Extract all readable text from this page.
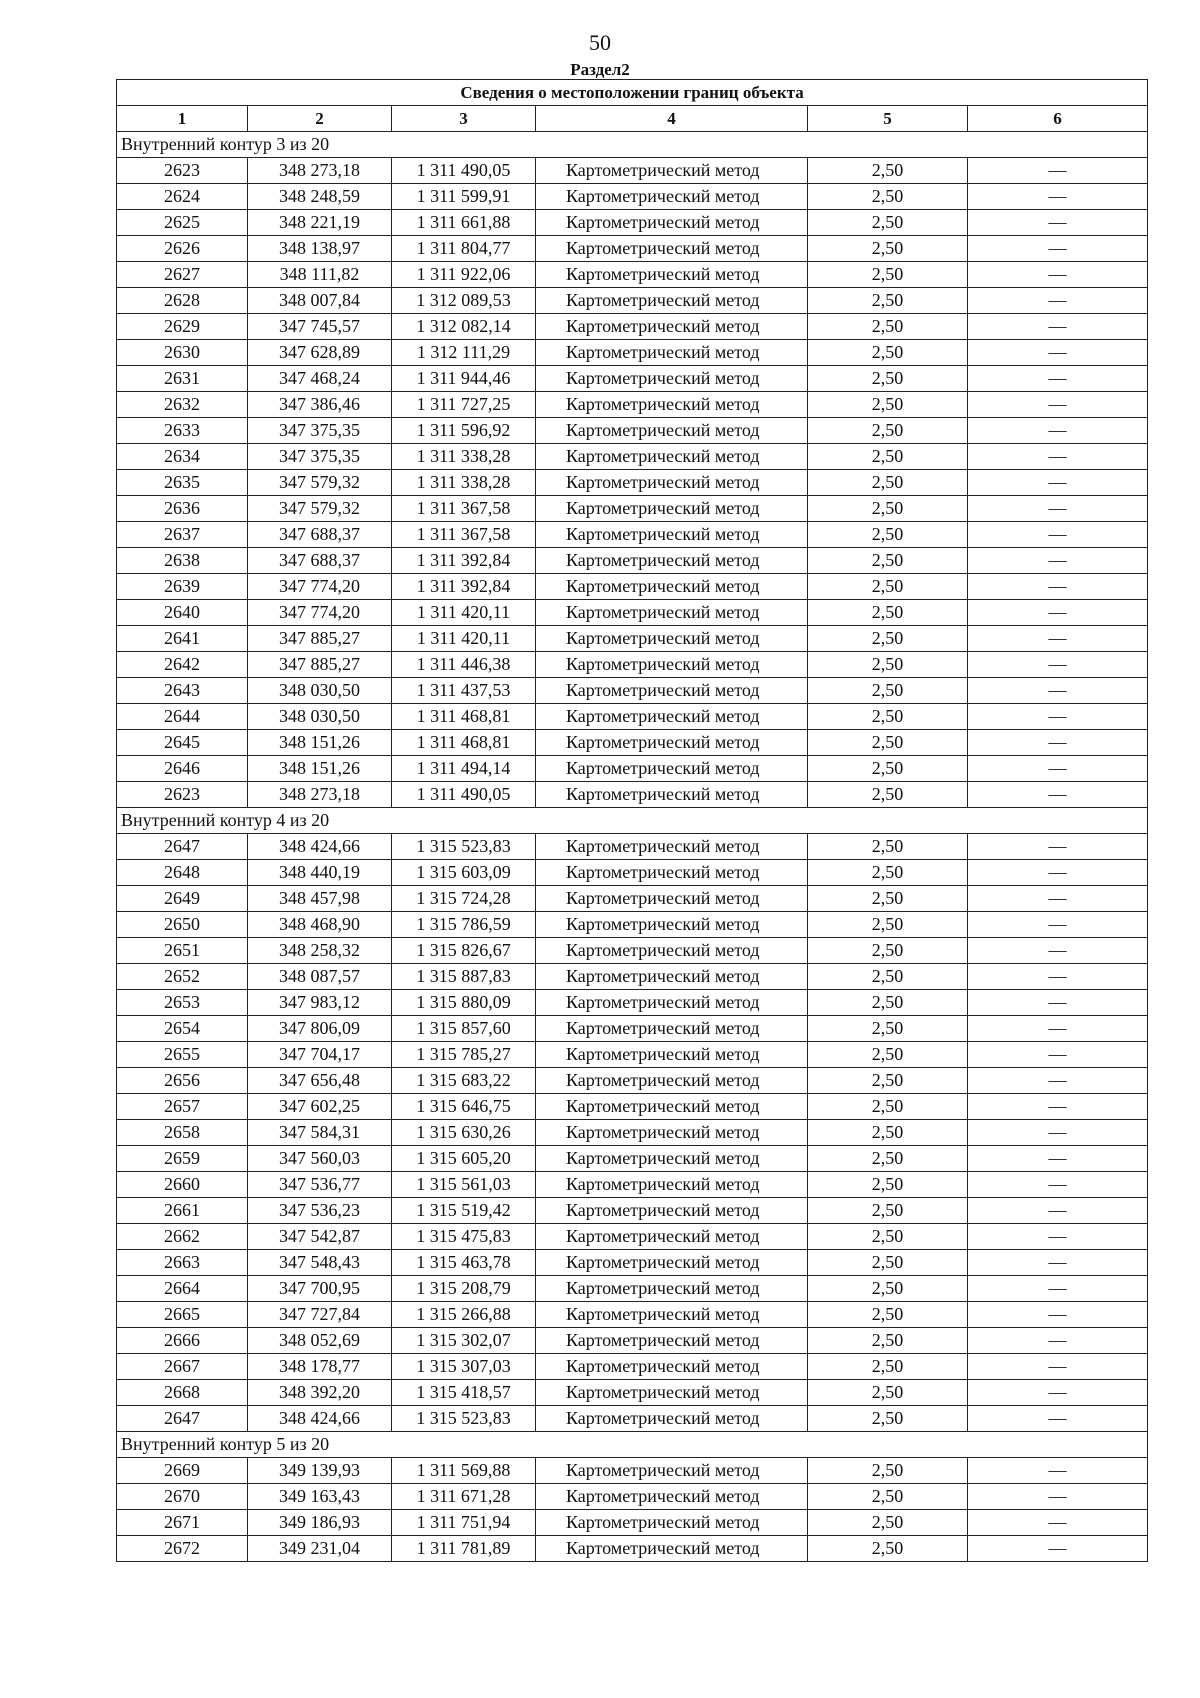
50
Раздел2
Сведения о местоположении границ объекта					
1	2	3	4	5	6
Внутренний контур 3 из 20					
2623	348 273,18	1 311 490,05	Картометрический метод	2,50	—
2624	348 248,59	1 311 599,91	Картометрический метод	2,50	—
2625	348 221,19	1 311 661,88	Картометрический метод	2,50	—
2626	348 138,97	1 311 804,77	Картометрический метод	2,50	—
2627	348 111,82	1 311 922,06	Картометрический метод	2,50	—
2628	348 007,84	1 312 089,53	Картометрический метод	2,50	—
2629	347 745,57	1 312 082,14	Картометрический метод	2,50	—
2630	347 628,89	1 312 111,29	Картометрический метод	2,50	—
2631	347 468,24	1 311 944,46	Картометрический метод	2,50	—
2632	347 386,46	1 311 727,25	Картометрический метод	2,50	—
2633	347 375,35	1 311 596,92	Картометрический метод	2,50	—
2634	347 375,35	1 311 338,28	Картометрический метод	2,50	—
2635	347 579,32	1 311 338,28	Картометрический метод	2,50	—
2636	347 579,32	1 311 367,58	Картометрический метод	2,50	—
2637	347 688,37	1 311 367,58	Картометрический метод	2,50	—
2638	347 688,37	1 311 392,84	Картометрический метод	2,50	—
2639	347 774,20	1 311 392,84	Картометрический метод	2,50	—
2640	347 774,20	1 311 420,11	Картометрический метод	2,50	—
2641	347 885,27	1 311 420,11	Картометрический метод	2,50	—
2642	347 885,27	1 311 446,38	Картометрический метод	2,50	—
2643	348 030,50	1 311 437,53	Картометрический метод	2,50	—
2644	348 030,50	1 311 468,81	Картометрический метод	2,50	—
2645	348 151,26	1 311 468,81	Картометрический метод	2,50	—
2646	348 151,26	1 311 494,14	Картометрический метод	2,50	—
2623	348 273,18	1 311 490,05	Картометрический метод	2,50	—
Внутренний контур 4 из 20					
2647	348 424,66	1 315 523,83	Картометрический метод	2,50	—
2648	348 440,19	1 315 603,09	Картометрический метод	2,50	—
2649	348 457,98	1 315 724,28	Картометрический метод	2,50	—
2650	348 468,90	1 315 786,59	Картометрический метод	2,50	—
2651	348 258,32	1 315 826,67	Картометрический метод	2,50	—
2652	348 087,57	1 315 887,83	Картометрический метод	2,50	—
2653	347 983,12	1 315 880,09	Картометрический метод	2,50	—
2654	347 806,09	1 315 857,60	Картометрический метод	2,50	—
2655	347 704,17	1 315 785,27	Картометрический метод	2,50	—
2656	347 656,48	1 315 683,22	Картометрический метод	2,50	—
2657	347 602,25	1 315 646,75	Картометрический метод	2,50	—
2658	347 584,31	1 315 630,26	Картометрический метод	2,50	—
2659	347 560,03	1 315 605,20	Картометрический метод	2,50	—
2660	347 536,77	1 315 561,03	Картометрический метод	2,50	—
2661	347 536,23	1 315 519,42	Картометрический метод	2,50	—
2662	347 542,87	1 315 475,83	Картометрический метод	2,50	—
2663	347 548,43	1 315 463,78	Картометрический метод	2,50	—
2664	347 700,95	1 315 208,79	Картометрический метод	2,50	—
2665	347 727,84	1 315 266,88	Картометрический метод	2,50	—
2666	348 052,69	1 315 302,07	Картометрический метод	2,50	—
2667	348 178,77	1 315 307,03	Картометрический метод	2,50	—
2668	348 392,20	1 315 418,57	Картометрический метод	2,50	—
2647	348 424,66	1 315 523,83	Картометрический метод	2,50	—
Внутренний контур 5 из 20					
2669	349 139,93	1 311 569,88	Картометрический метод	2,50	—
2670	349 163,43	1 311 671,28	Картометрический метод	2,50	—
2671	349 186,93	1 311 751,94	Картометрический метод	2,50	—
2672	349 231,04	1 311 781,89	Картометрический метод	2,50	—
